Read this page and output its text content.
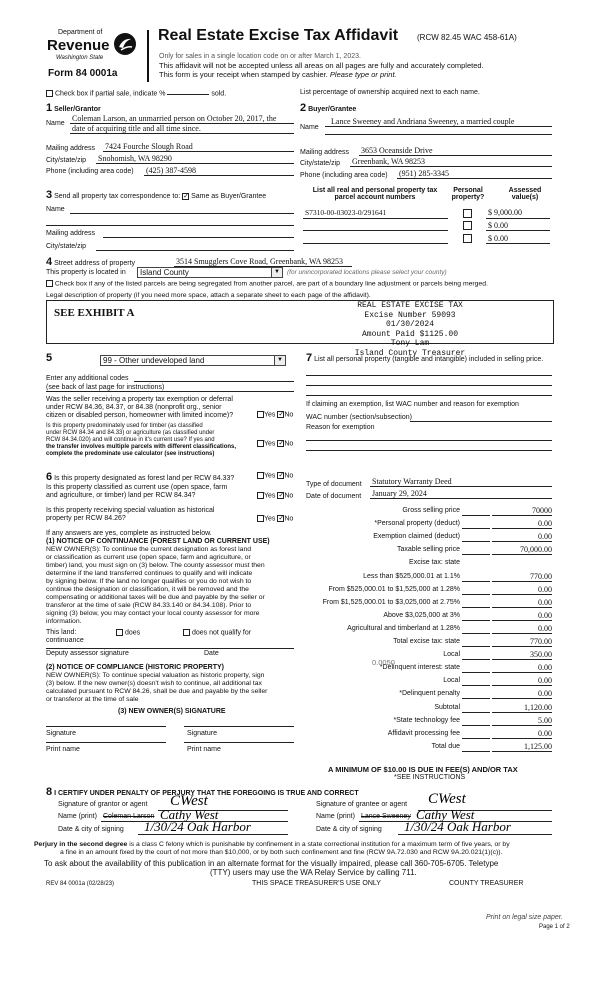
Department of
Revenue
Washington State
Form 84 0001a
Real Estate Excise Tax Affidavit (RCW 82.45 WAC 458-61A)
Only for sales in a single location code on or after March 1, 2023.
This affidavit will not be accepted unless all areas on all pages are fully and accurately completed.
This form is your receipt when stamped by cashier. Please type or print.
Check box if partial sale, indicate %	sold.	List percentage of ownership acquired next to each name.
1 Seller/Grantor
Name
Coleman Larson, an unmarried person on October 20, 2017, the
date of acquiring title and all time since.
Mailing address 7424 Fourche Slough Road
City/state/zip Snohomish, WA 98290
Phone (including area code) (425) 387-4598
2 Buyer/Grantee
Name
Lance Sweeney and Andriana Sweeney, a married couple
Mailing address 3653 Oceanside Drive
City/state/zip Greenbank, WA 98253
Phone (including area code) (951) 285-3345
3 Send all property tax correspondence to: ✓ Same as Buyer/Grantee
Name
Mailing address
City/state/zip
List all real and personal property tax parcel account numbers
Personal property?
Assessed value(s)
S7310-00-03023-0/291641	$ 9,000.00
$ 0.00
$ 0.00
4 Street address of property	3514 Smugglers Cove Road, Greenbank, WA 98253
This property is located in	Island County	▼	(for unincorporated locations please select your county)
Check box if any of the listed parcels are being segregated from another parcel, are part of a boundary line adjustment or parcels being merged.
Legal description of property (if you need more space, attach a separate sheet to each page of the affidavit).
SEE EXHIBIT A
REAL ESTATE EXCISE TAX
Excise Number 59093
01/30/2024
Amount Paid $1125.00
Tony Lam
Island County Treasurer
5	99 - Other undeveloped land	▼
Enter any additional codes
(see back of last page for instructions)
Was the seller receiving a property tax exemption or deferral
under RCW 84.36, 84.37, or 84.38 (nonprofit org., senior
citizen or disabled person, homeowner with limited income)?	Yes ✓No
Is this property predominately used for timber (as classified
under RCW 84.34 and 84.33) or agriculture (as classified under
RCW 84.34.020) and will continue in it's current use? If yes and
the transfer involves multiple parcels with different classifications,
complete the predominate use calculator (see instructions)
Yes ✓No
7 List all personal property (tangible and intangible) included in selling price.
If claiming an exemption, list WAC number and reason for exemption
WAC number (section/subsection)
Reason for exemption
6 Is this property designated as forest land per RCW 84.33?	Yes ✓No
Is this property classified as current use (open space, farm
and agriculture, or timber) land per RCW 84.34?	Yes ✓No
Is this property receiving special valuation as historical
property per RCW 84.26?	Yes ✓No
If any answers are yes, complete as instructed below.
(1) NOTICE OF CONTINUANCE (FOREST LAND OR CURRENT USE)
NEW OWNER(S): To continue the current designation as forest land
or classification as current use (open space, farm and agriculture, or
timber) land, you must sign on (3) below. The county assessor must then
determine if the land transferred continues to qualify and will indicate
by signing below. If the land no longer qualifies or you do not wish to
continue the designation or classification, it will be removed and the
compensating or additional taxes will be due and payable by the seller or
transferor at the time of sale (RCW 84.33.140 or 84.34.108). Prior to
signing (3) below, you may contact your local county assessor for more
information.
This land:	does	does not qualify for
continuance
Deputy assessor signature	Date
(2) NOTICE OF COMPLIANCE (HISTORIC PROPERTY)
NEW OWNER(S): To continue special valuation as historic property, sign
(3) below. If the new owner(s) doesn't wish to continue, all additional tax
calculated pursuant to RCW 84.26, shall be due and payable by the seller
or transferor at the time of sale
(3) NEW OWNER(S) SIGNATURE
Signature	Signature
Print name	Print name
Type of document Statutory Warranty Deed
Date of document January 29, 2024
Gross selling price	70000
*Personal property (deduct)	0.00
Exemption claimed (deduct)	0.00
Taxable selling price	70,000.00
Excise tax: state
Less than $525,000.01 at 1.1%	770.00
From $525,000.01 to $1,525,000 at 1.28%	0.00
From $1,525,000.01 to $3,025,000 at 2.75%	0.00
Above $3,025,000 at 3%	0.00
Agricultural and timberland at 1.28%	0.00
Total excise tax: state	770.00
Local	350.00
*Delinquent interest: state	0.00
Local	0.00
*Delinquent penalty	0.00
Subtotal	1,120.00
*State technology fee	5.00
Affidavit processing fee	0.00
Total due	1,125.00
0.0050
A MINIMUM OF $10.00 IS DUE IN FEE(S) AND/OR TAX
*SEE INSTRUCTIONS
8 I CERTIFY UNDER PENALTY OF PERJURY THAT THE FOREGOING IS TRUE AND CORRECT
Signature of grantor or agent CWest
Name (print) Coleman Larson Cathy West
Date & city of signing 1/30/24 Oak Harbor
Signature of grantee or agent CWest
Name (print) Lance Sweeney Cathy West
Date & city of signing 1/30/24 Oak Harbor
Perjury in the second degree is a class C felony which is punishable by confinement in a state correctional institution for a maximum term of five years, or by
a fine in an amount fixed by the court of not more than $10,000, or by both such confinement and fine (RCW 9A.72.030 and RCW 9A.20.021(1)(c)).
To ask about the availability of this publication in an alternate format for the visually impaired, please call 360-705-6705. Teletype
(TTY) users may use the WA Relay Service by calling 711.
REV 84 0001a (02/28/23)	THIS SPACE TREASURER'S USE ONLY	COUNTY TREASURER
Print on legal size paper.
Page 1 of 2
